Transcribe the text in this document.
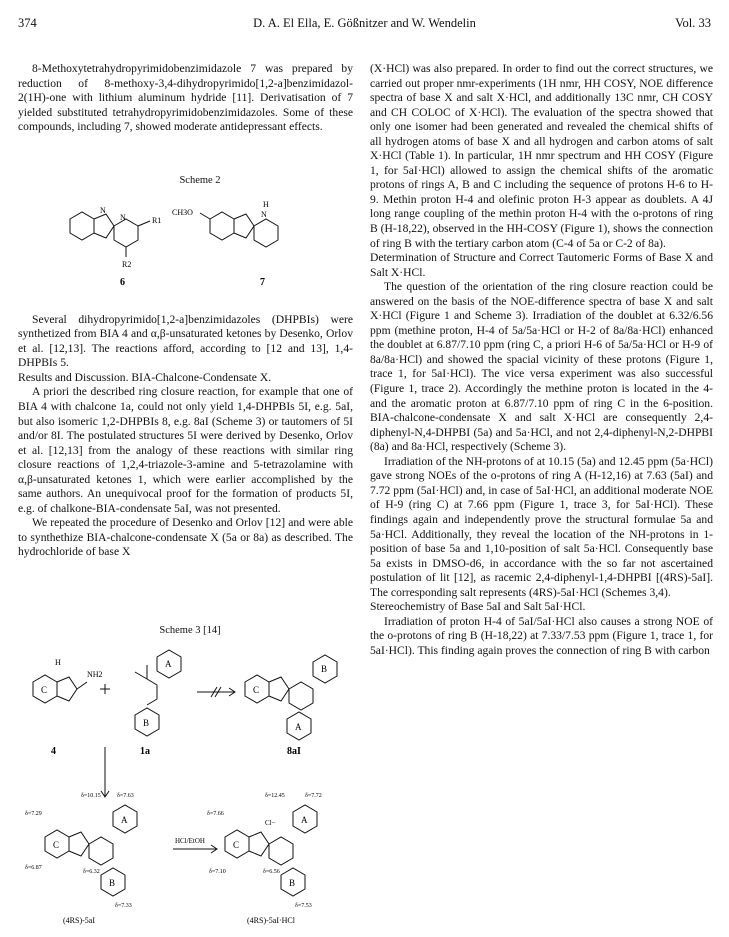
374	D. A. El Ella, E. Gößnitzer and W. Wendelin	Vol. 33

8-Methoxytetrahydropyrimidobenzimidazole 7 was prepared by reduction of 8-methoxy-3,4-dihydropyrimido[1,2-a]benzimidazol-2(1H)-one with lithium aluminum hydride [11]. Derivatisation of 7 yielded substituted tetrahydropyrimidobenzimidazoles. Some of these compounds, including 7, showed moderate antidepressant effects.

Several dihydropyrimido[1,2-a]benzimidazoles (DHPBIs) were synthetized from BIA 4 and α,β-unsaturated ketones by Desenko, Orlov et al. [12,13]. The reactions afford, according to [12 and 13], 1,4-DHPBIs 5.

Results and Discussion. BIA-Chalcone-Condensate X.

A priori the described ring closure reaction, for example that one of BIA 4 with chalcone 1a, could not only yield 1,4-DHPBIs 5I, e.g. 5aI, but also isomeric 1,2-DHPBIs 8, e.g. 8aI (Scheme 3) or tautomers of 5I and/or 8I. The postulated structures 5I were derived by Desenko, Orlov et al. [12,13] from the analogy of these reactions with similar ring closure reactions of 1,2,4-triazole-3-amine and 5-tetrazolamine with α,β-unsaturated ketones 1, which were earlier accomplished by the same authors. An unequivocal proof for the formation of products 5I, e.g. of chalkone-BIA-condensate 5aI, was not presented.

We repeated the procedure of Desenko and Orlov [12] and were able to synthethize BIA-chalcone-condensate X (5a or 8a) as described. The hydrochloride of base X

Scheme 2
N
N	R1
R2
6
CH3O
H
N
7
Scheme 3 [14]
H
NH2
C
A
B
4	1a
C
B
A
8aI
C
A
B
δ=7.29
δ=10.15	δ=7.63
δ=6.32
δ=6.87
δ=7.33
HCl/EtOH	C
A
B
δ=7.66
δ=12.45	δ=7.72
δ=6.56
δ=7.10
δ=7.53
Cl−
(4RS)-5aI	(4RS)-5aI·HCl

(X·HCl) was also prepared. In order to find out the correct structures, we carried out proper nmr-experiments (1H nmr, HH COSY, NOE difference spectra of base X and salt X·HCl, and additionally 13C nmr, CH COSY and CH COLOC of X·HCl). The evaluation of the spectra showed that only one isomer had been generated and revealed the chemical shifts of all hydrogen atoms of base X and all hydrogen and carbon atoms of salt X·HCl (Table 1). In particular, 1H nmr spectrum and HH COSY (Figure 1, for 5aI·HCl) allowed to assign the chemical shifts of the aromatic protons of rings A, B and C including the sequence of protons H-6 to H-9. Methin proton H-4 and olefinic proton H-3 appear as doublets. A 4J long range coupling of the methin proton H-4 with the o-protons of ring B (H-18,22), observed in the HH-COSY (Figure 1), shows the connection of ring B with the tertiary carbon atom (C-4 of 5a or C-2 of 8a).

Determination of Structure and Correct Tautomeric Forms of Base X and Salt X·HCl.

The question of the orientation of the ring closure reaction could be answered on the basis of the NOE-difference spectra of base X and salt X·HCl (Figure 1 and Scheme 3). Irradiation of the doublet at 6.32/6.56 ppm (methine proton, H-4 of 5a/5a·HCl or H-2 of 8a/8a·HCl) enhanced the doublet at 6.87/7.10 ppm (ring C, a priori H-6 of 5a/5a·HCl or H-9 of 8a/8a·HCl) and showed the spacial vicinity of these protons (Figure 1, trace 1, for 5aI·HCl). The vice versa experiment was also successful (Figure 1, trace 2). Accordingly the methine proton is located in the 4- and the aromatic proton at 6.87/7.10 ppm of ring C in the 6-position. BIA-chalcone-condensate X and salt X·HCl are consequently 2,4-diphenyl-N,4-DHPBI (5a) and 5a·HCl, and not 2,4-diphenyl-N,2-DHPBI (8a) and 8a·HCl, respectively (Scheme 3).

Irradiation of the NH-protons of at 10.15 (5a) and 12.45 ppm (5a·HCl) gave strong NOEs of the o-protons of ring A (H-12,16) at 7.63 (5aI) and 7.72 ppm (5aI·HCl) and, in case of 5aI·HCl, an additional moderate NOE of H-9 (ring C) at 7.66 ppm (Figure 1, trace 3, for 5aI·HCl). These findings again and independently prove the structural formulae 5a and 5a·HCl. Additionally, they reveal the location of the NH-protons in 1-position of base 5a and 1,10-position of salt 5a·HCl. Consequently base 5a exists in DMSO-d6, in accordance with the so far not ascertained postulation of lit [12], as racemic 2,4-diphenyl-1,4-DHPBI [(4RS)-5aI]. The corresponding salt represents (4RS)-5aI·HCl (Schemes 3,4).

Stereochemistry of Base 5aI and Salt 5aI·HCl.

Irradiation of proton H-4 of 5aI/5aI·HCl also causes a strong NOE of the o-protons of ring B (H-18,22) at 7.33/7.53 ppm (Figure 1, trace 1, for 5aI·HCl). This finding again proves the connection of ring B with carbon
